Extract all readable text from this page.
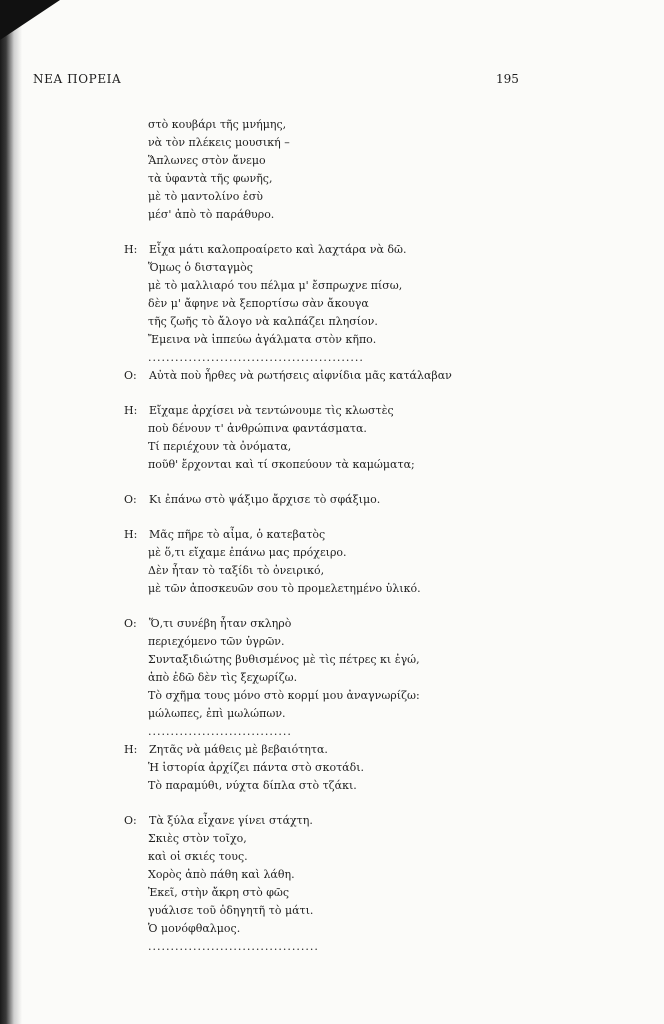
ΝΕΑ ΠΟΡΕΙΑ	195
στὸ κουβάρι τῆς μνήμης,
νὰ τὸν πλέκεις μουσική –
Ἅπλωνες στὸν ἄνεμο
τὰ ὑφαντὰ τῆς φωνῆς,
μὲ τὸ μαντολίνο ἐσὺ
μέσ' ἀπὸ τὸ παράθυρο.
Η: Εἶχα μάτι καλοπροαίρετο καὶ λαχτάρα νὰ δῶ.
Ὅμως ὁ δισταγμὸς
μὲ τὸ μαλλιαρό του πέλμα μ' ἔσπρωχνε πίσω,
δὲν μ' ἄφηνε νὰ ξεπορτίσω σὰν ἄκουγα
τῆς ζωῆς τὸ ἄλογο νὰ καλπάζει πλησίον.
Ἔμεινα νὰ ἱππεύω ἀγάλματα στὸν κῆπο.
................................................
Ο: Αὐτὰ ποὺ ἦρθες νὰ ρωτήσεις αἰφνίδια μᾶς κατάλαβαν
Η: Εἴχαμε ἀρχίσει νὰ τεντώνουμε τὶς κλωστὲς
ποὺ δένουν τ' ἀνθρώπινα φαντάσματα.
Τί περιέχουν τὰ ὀνόματα,
ποῦθ' ἔρχονται καὶ τί σκοπεύουν τὰ καμώματα;
Ο: Κι ἐπάνω στὸ ψάξιμο ἄρχισε τὸ σφάξιμο.
Η: Μᾶς πῆρε τὸ αἷμα, ὁ κατεβατὸς
μὲ ὅ,τι εἴχαμε ἐπάνω μας πρόχειρο.
Δὲν ἦταν τὸ ταξίδι τὸ ὀνειρικό,
μὲ τῶν ἀποσκευῶν σου τὸ προμελετημένο ὑλικό.
Ο: Ὅ,τι συνέβη ἦταν σκληρὸ
περιεχόμενο τῶν ὑγρῶν.
Συνταξιδιώτης βυθισμένος μὲ τὶς πέτρες κι ἐγώ,
ἀπὸ ἐδῶ δὲν τὶς ξεχωρίζω.
Τὸ σχῆμα τους μόνο στὸ κορμί μου ἀναγνωρίζω:
μώλωπες, ἐπὶ μωλώπων.
................................
Η: Ζητᾶς νὰ μάθεις μὲ βεβαιότητα.
Ἡ ἱστορία ἀρχίζει πάντα στὸ σκοτάδι.
Τὸ παραμύθι, νύχτα δίπλα στὸ τζάκι.
Ο: Τὰ ξύλα εἶχανε γίνει στάχτη.
Σκιὲς στὸν τοῖχο,
καὶ οἱ σκιές τους.
Χορὸς ἀπὸ πάθη καὶ λάθη.
Ἐκεῖ, στὴν ἄκρη στὸ φῶς
γυάλισε τοῦ ὁδηγητῆ τὸ μάτι.
Ὁ μονόφθαλμος.
......................................
